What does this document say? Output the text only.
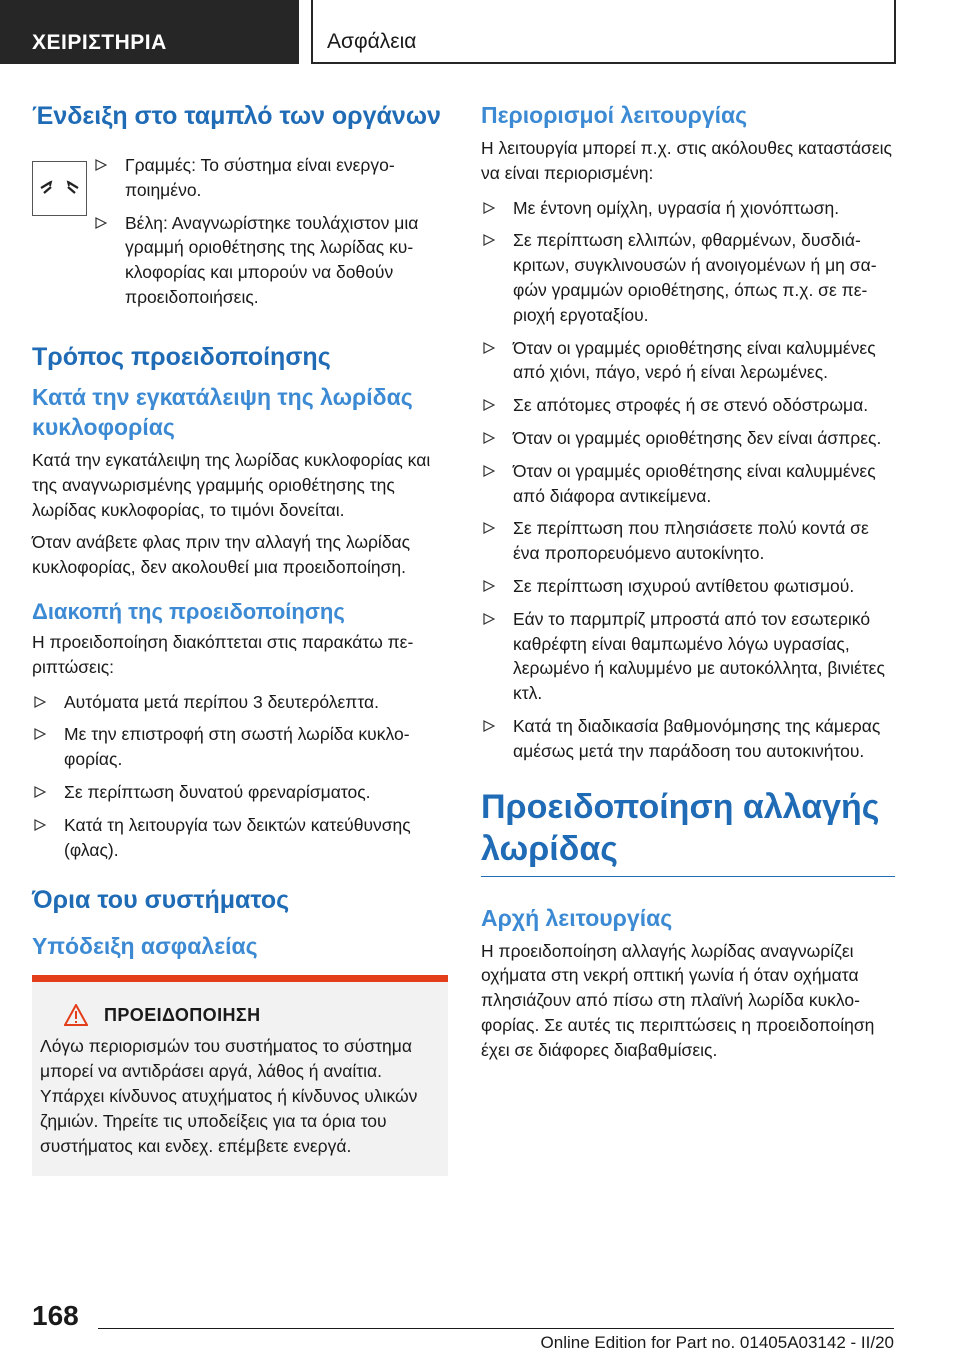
ΧΕΙΡΙΣΤΗΡΙΑ	Ασφάλεια
Ένδειξη στο ταμπλό των οργάνων
Γραμμές: Το σύστημα είναι ενεργοποιημένο.
Βέλη: Αναγνωρίστηκε τουλάχιστον μια γραμμή οριοθέτησης της λωρίδας κυκλοφορίας και μπορούν να δοθούν προειδοποιήσεις.
Τρόπος προειδοποίησης
Κατά την εγκατάλειψη της λωρίδας κυκλοφορίας

Κατά την εγκατάλειψη της λωρίδας κυκλοφορίας και της αναγνωρισμένης γραμμής οριοθέτησης της λωρίδας κυκλοφορίας, το τιμόνι δονείται.

Όταν ανάβετε φλας πριν την αλλαγή της λωρίδας κυκλοφορίας, δεν ακολουθεί μια προειδοποίηση.

Διακοπή της προειδοποίησης

Η προειδοποίηση διακόπτεται στις παρακάτω περιπτώσεις:

Αυτόματα μετά περίπου 3 δευτερόλεπτα.
Με την επιστροφή στη σωστή λωρίδα κυκλοφορίας.
Σε περίπτωση δυνατού φρεναρίσματος.
Κατά τη λειτουργία των δεικτών κατεύθυνσης (φλας).
Όρια του συστήματος
Υπόδειξη ασφαλείας
ΠΡΟΕΙΔΟΠΟΙΗΣΗ

Λόγω περιορισμών του συστήματος το σύστημα μπορεί να αντιδράσει αργά, λάθος ή αναίτια. Υπάρχει κίνδυνος ατυχήματος ή κίνδυνος υλικών ζημιών. Τηρείτε τις υποδείξεις για τα όρια του συστήματος και ενδεχ. επέμβετε ενεργά.

Περιορισμοί λειτουργίας

Η λειτουργία μπορεί π.χ. στις ακόλουθες καταστάσεις να είναι περιορισμένη:

Με έντονη ομίχλη, υγρασία ή χιονόπτωση.
Σε περίπτωση ελλιπών, φθαρμένων, δυσδιάκριτων, συγκλινουσών ή ανοιγομένων ή μη σαφών γραμμών οριοθέτησης, όπως π.χ. σε περιοχή εργοταξίου.
Όταν οι γραμμές οριοθέτησης είναι καλυμμένες από χιόνι, πάγο, νερό ή είναι λερωμένες.
Σε απότομες στροφές ή σε στενό οδόστρωμα.
Όταν οι γραμμές οριοθέτησης δεν είναι άσπρες.
Όταν οι γραμμές οριοθέτησης είναι καλυμμένες από διάφορα αντικείμενα.
Σε περίπτωση που πλησιάσετε πολύ κοντά σε ένα προπορευόμενο αυτοκίνητο.
Σε περίπτωση ισχυρού αντίθετου φωτισμού.
Εάν το παρμπρίζ μπροστά από τον εσωτερικό καθρέφτη είναι θαμπωμένο λόγω υγρασίας, λερωμένο ή καλυμμένο με αυτοκόλλητα, βινιέτες κτλ.
Κατά τη διαδικασία βαθμονόμησης της κάμερας αμέσως μετά την παράδοση του αυτοκινήτου.
Προειδοποίηση αλλαγής λωρίδας
Αρχή λειτουργίας

Η προειδοποίηση αλλαγής λωρίδας αναγνωρίζει οχήματα στη νεκρή οπτική γωνία ή όταν οχήματα πλησιάζουν από πίσω στη πλαϊνή λωρίδα κυκλοφορίας. Σε αυτές τις περιπτώσεις η προειδοποίηση έχει σε διάφορες διαβαθμίσεις.

168
Online Edition for Part no. 01405A03142 - II/20
